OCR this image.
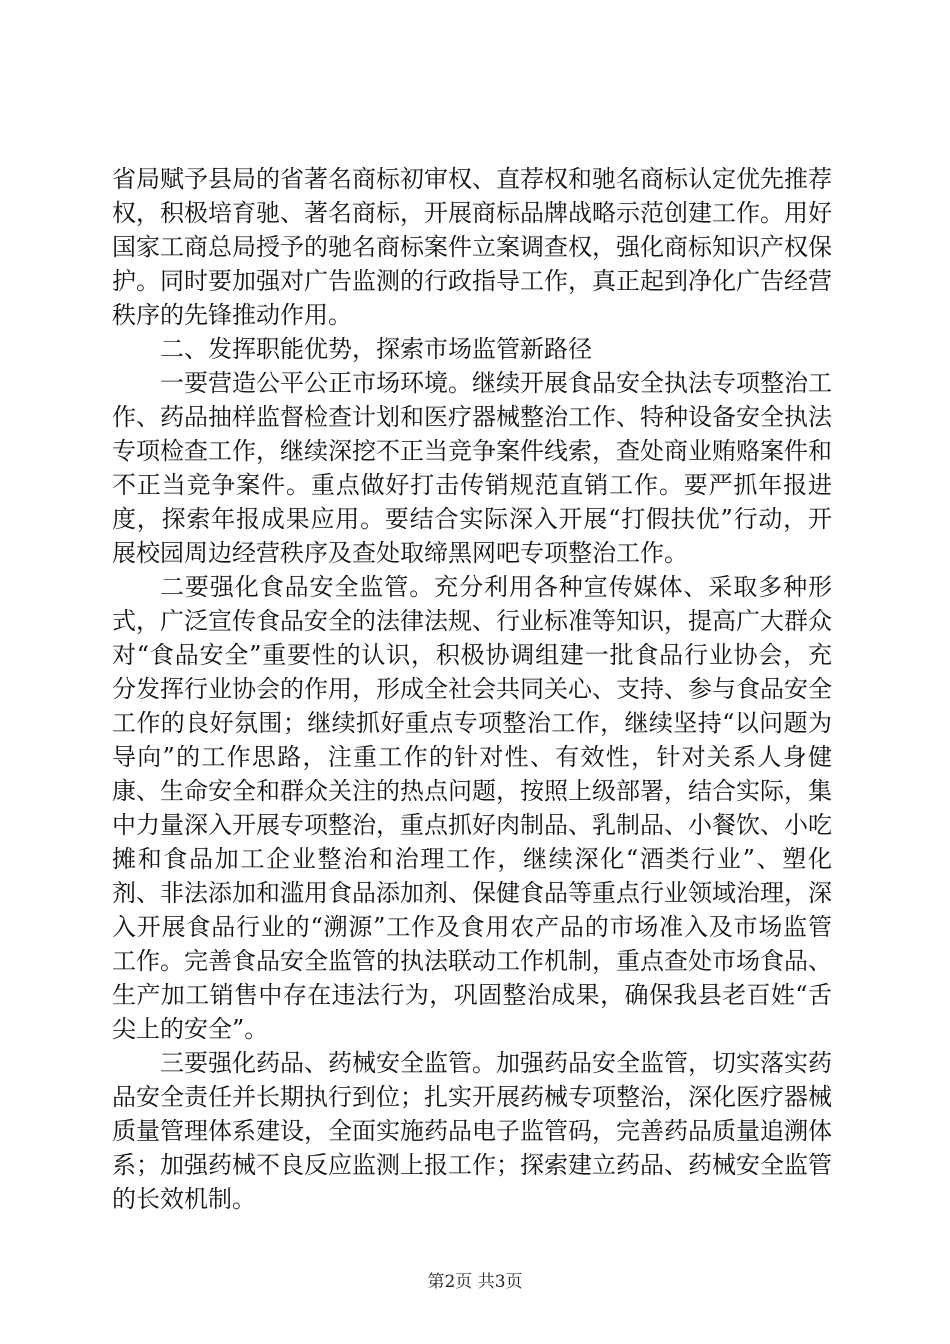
省局赋予县局的省著名商标初审权、直荐权和驰名商标认定优先推荐权，积极培育驰、著名商标，开展商标品牌战略示范创建工作。用好国家工商总局授予的驰名商标案件立案调查权，强化商标知识产权保护。同时要加强对广告监测的行政指导工作，真正起到净化广告经营秩序的先锋推动作用。

二、发挥职能优势，探索市场监管新路径

一要营造公平公正市场环境。继续开展食品安全执法专项整治工作、药品抽样监督检查计划和医疗器械整治工作、特种设备安全执法专项检查工作，继续深挖不正当竞争案件线索，查处商业贿赂案件和不正当竞争案件。重点做好打击传销规范直销工作。要严抓年报进度，探索年报成果应用。要结合实际深入开展“打假扶优”行动，开展校园周边经营秩序及查处取缔黑网吧专项整治工作。

二要强化食品安全监管。充分利用各种宣传媒体、采取多种形式，广泛宣传食品安全的法律法规、行业标准等知识，提高广大群众对“食品安全”重要性的认识，积极协调组建一批食品行业协会，充分发挥行业协会的作用，形成全社会共同关心、支持、参与食品安全工作的良好氛围；继续抓好重点专项整治工作，继续坚持“以问题为导向”的工作思路，注重工作的针对性、有效性，针对关系人身健康、生命安全和群众关注的热点问题，按照上级部署，结合实际，集中力量深入开展专项整治，重点抓好肉制品、乳制品、小餐饮、小吃摊和食品加工企业整治和治理工作，继续深化“酒类行业”、塑化剂、非法添加和滥用食品添加剂、保健食品等重点行业领域治理，深入开展食品行业的“溯源”工作及食用农产品的市场准入及市场监管工作。完善食品安全监管的执法联动工作机制，重点查处市场食品、生产加工销售中存在违法行为，巩固整治成果，确保我县老百姓“舌尖上的安全”。

三要强化药品、药械安全监管。加强药品安全监管，切实落实药品安全责任并长期执行到位；扎实开展药械专项整治，深化医疗器械质量管理体系建设，全面实施药品电子监管码，完善药品质量追溯体系；加强药械不良反应监测上报工作；探索建立药品、药械安全监管的长效机制。

第2页 共3页
